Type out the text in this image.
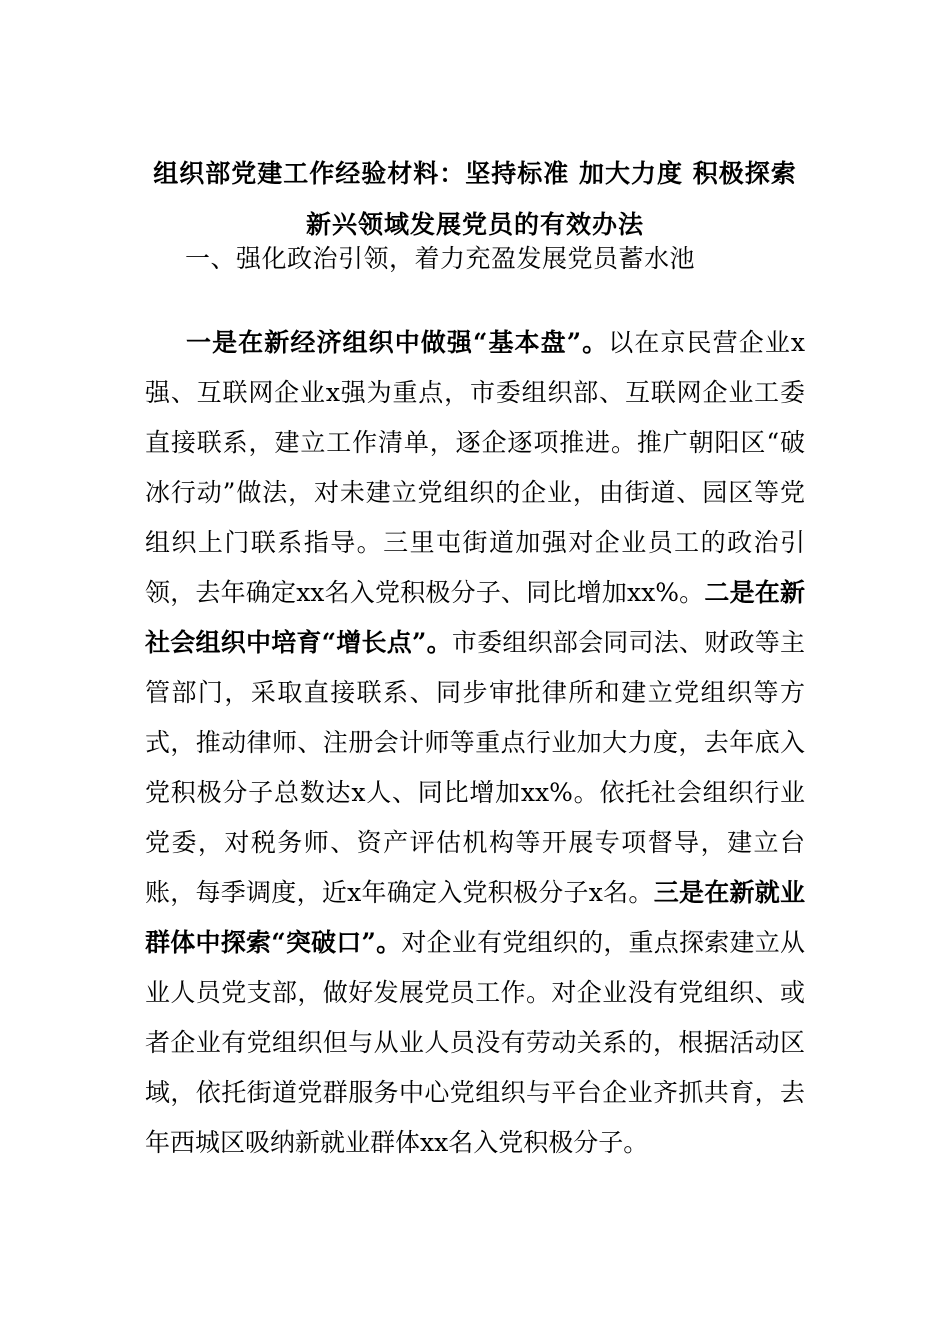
组织部党建工作经验材料：坚持标准 加大力度 积极探索
新兴领域发展党员的有效办法
一、强化政治引领，着力充盈发展党员蓄水池

一是在新经济组织中做强“基本盘”。以在京民营企业x强、互联网企业x强为重点，市委组织部、互联网企业工委直接联系，建立工作清单，逐企逐项推进。推广朝阳区“破冰行动”做法，对未建立党组织的企业，由街道、园区等党组织上门联系指导。三里屯街道加强对企业员工的政治引领，去年确定xx名入党积极分子、同比增加xx%。二是在新社会组织中培育“增长点”。市委组织部会同司法、财政等主管部门，采取直接联系、同步审批律所和建立党组织等方式，推动律师、注册会计师等重点行业加大力度，去年底入党积极分子总数达x人、同比增加xx%。依托社会组织行业党委，对税务师、资产评估机构等开展专项督导，建立台账，每季调度，近x年确定入党积极分子x名。三是在新就业群体中探索“突破口”。对企业有党组织的，重点探索建立从业人员党支部，做好发展党员工作。对企业没有党组织、或者企业有党组织但与从业人员没有劳动关系的，根据活动区域，依托街道党群服务中心党组织与平台企业齐抓共育，去年西城区吸纳新就业群体xx名入党积极分子。
